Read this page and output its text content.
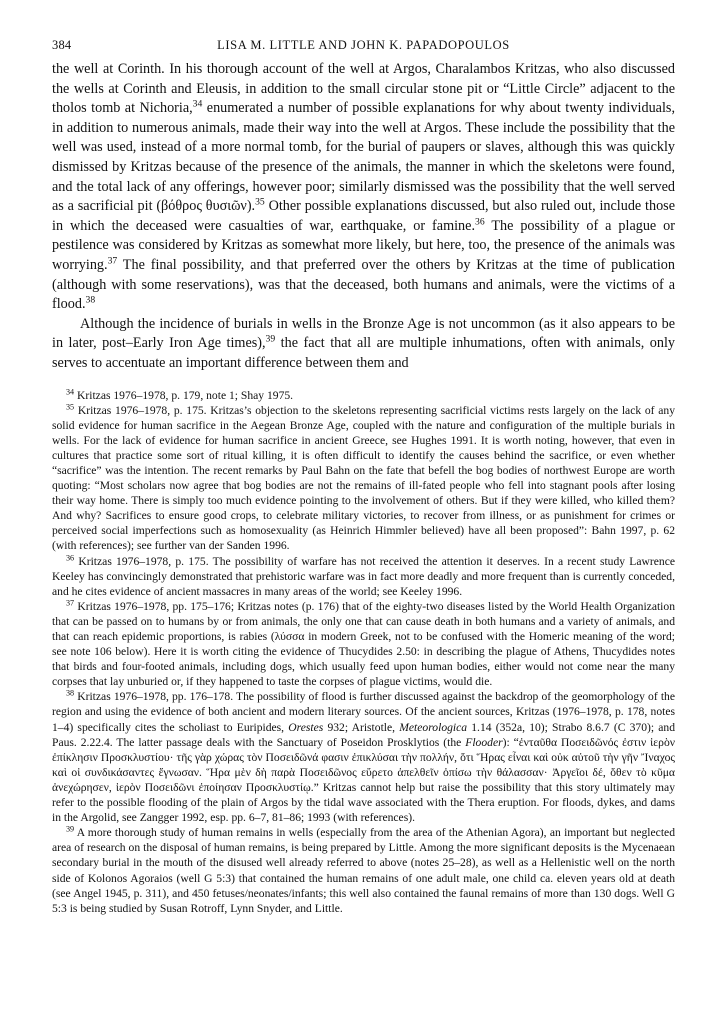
384	LISA M. LITTLE AND JOHN K. PAPADOPOULOS

the well at Corinth. In his thorough account of the well at Argos, Charalambos Kritzas, who also discussed the wells at Corinth and Eleusis, in addition to the small circular stone pit or “Little Circle” adjacent to the tholos tomb at Nichoria,$^{34}$ enumerated a number of possible explanations for why about twenty individuals, in addition to numerous animals, made their way into the well at Argos. These include the possibility that the well was used, instead of a more normal tomb, for the burial of paupers or slaves, although this was quickly dismissed by Kritzas because of the presence of the animals, the manner in which the skeletons were found, and the total lack of any offerings, however poor; similarly dismissed was the possibility that the well served as a sacrificial pit (βόθρος θυσιῶν).$^{35}$ Other possible explanations discussed, but also ruled out, include those in which the deceased were casualties of war, earthquake, or famine.$^{36}$ The possibility of a plague or pestilence was considered by Kritzas as somewhat more likely, but here, too, the presence of the animals was worrying.$^{37}$ The final possibility, and that preferred over the others by Kritzas at the time of publication (although with some reservations), was that the deceased, both humans and animals, were the victims of a flood.$^{38}$

Although the incidence of burials in wells in the Bronze Age is not uncommon (as it also appears to be in later, post–Early Iron Age times),$^{39}$ the fact that all are multiple inhumations, often with animals, only serves to accentuate an important difference between them and

$^{34}$ Kritzas 1976–1978, p. 179, note 1; Shay 1975.

$^{35}$ Kritzas 1976–1978, p. 175. Kritzas’s objection to the skeletons representing sacrificial victims rests largely on the lack of any solid evidence for human sacrifice in the Aegean Bronze Age, coupled with the nature and configuration of the multiple burials in wells. For the lack of evidence for human sacrifice in ancient Greece, see Hughes 1991. It is worth noting, however, that even in cultures that practice some sort of ritual killing, it is often difficult to identify the causes behind the sacrifice, or even whether “sacrifice” was the intention. The recent remarks by Paul Bahn on the fate that befell the bog bodies of northwest Europe are worth quoting: “Most scholars now agree that bog bodies are not the remains of ill-fated people who fell into stagnant pools after losing their way home. There is simply too much evidence pointing to the involvement of others. But if they were killed, who killed them? And why? Sacrifices to ensure good crops, to celebrate military victories, to recover from illness, or as punishment for crimes or perceived social imperfections such as homosexuality (as Heinrich Himmler believed) have all been proposed”: Bahn 1997, p. 62 (with references); see further van der Sanden 1996.

$^{36}$ Kritzas 1976–1978, p. 175. The possibility of warfare has not received the attention it deserves. In a recent study Lawrence Keeley has convincingly demonstrated that prehistoric warfare was in fact more deadly and more frequent than is currently conceded, and he cites evidence of ancient massacres in many areas of the world; see Keeley 1996.

$^{37}$ Kritzas 1976–1978, pp. 175–176; Kritzas notes (p. 176) that of the eighty-two diseases listed by the World Health Organization that can be passed on to humans by or from animals, the only one that can cause death in both humans and a variety of animals, and that can reach epidemic proportions, is rabies (λύσσα in modern Greek, not to be confused with the Homeric meaning of the word; see note 106 below). Here it is worth citing the evidence of Thucydides 2.50: in describing the plague of Athens, Thucydides notes that birds and four-footed animals, including dogs, which usually feed upon human bodies, either would not come near the many corpses that lay unburied or, if they happened to taste the corpses of plague victims, would die.

$^{38}$ Kritzas 1976–1978, pp. 176–178. The possibility of flood is further discussed against the backdrop of the geomorphology of the region and using the evidence of both ancient and modern literary sources. Of the ancient sources, Kritzas (1976–1978, p. 178, notes 1–4) specifically cites the scholiast to Euripides, Orestes 932; Aristotle, Meteorologica 1.14 (352a, 10); Strabo 8.6.7 (C 370); and Paus. 2.22.4. The latter passage deals with the Sanctuary of Poseidon Prosklytios (the Flooder): “ἐνταῦθα Ποσειδῶνός ἐστιν ἱερὸν ἐπίκλησιν Προσκλυστίου· τῆς γὰρ χώρας τὸν Ποσειδῶνά φασιν ἐπικλύσαι τὴν πολλήν, ὅτι Ἥρας εἶναι καὶ οὐκ αὐτοῦ τὴν γῆν Ἴναχος καὶ οἱ συνδικάσαντες ἔγνωσαν. Ἥρα μὲν δὴ παρὰ Ποσειδῶνος εὕρετο ἀπελθεῖν ὀπίσω τὴν θάλασσαν· Ἀργεῖοι δέ, ὅθεν τὸ κῦμα ἀνεχώρησεν, ἱερὸν Ποσειδῶνι ἐποίησαν Προσκλυστίῳ.” Kritzas cannot help but raise the possibility that this story ultimately may refer to the possible flooding of the plain of Argos by the tidal wave associated with the Thera eruption. For floods, dykes, and dams in the Argolid, see Zangger 1992, esp. pp. 6–7, 81–86; 1993 (with references).

$^{39}$ A more thorough study of human remains in wells (especially from the area of the Athenian Agora), an important but neglected area of research on the disposal of human remains, is being prepared by Little. Among the more significant deposits is the Mycenaean secondary burial in the mouth of the disused well already referred to above (notes 25–28), as well as a Hellenistic well on the north side of Kolonos Agoraios (well G 5:3) that contained the human remains of one adult male, one child ca. eleven years old at death (see Angel 1945, p. 311), and 450 fetuses/neonates/infants; this well also contained the faunal remains of more than 130 dogs. Well G 5:3 is being studied by Susan Rotroff, Lynn Snyder, and Little.
